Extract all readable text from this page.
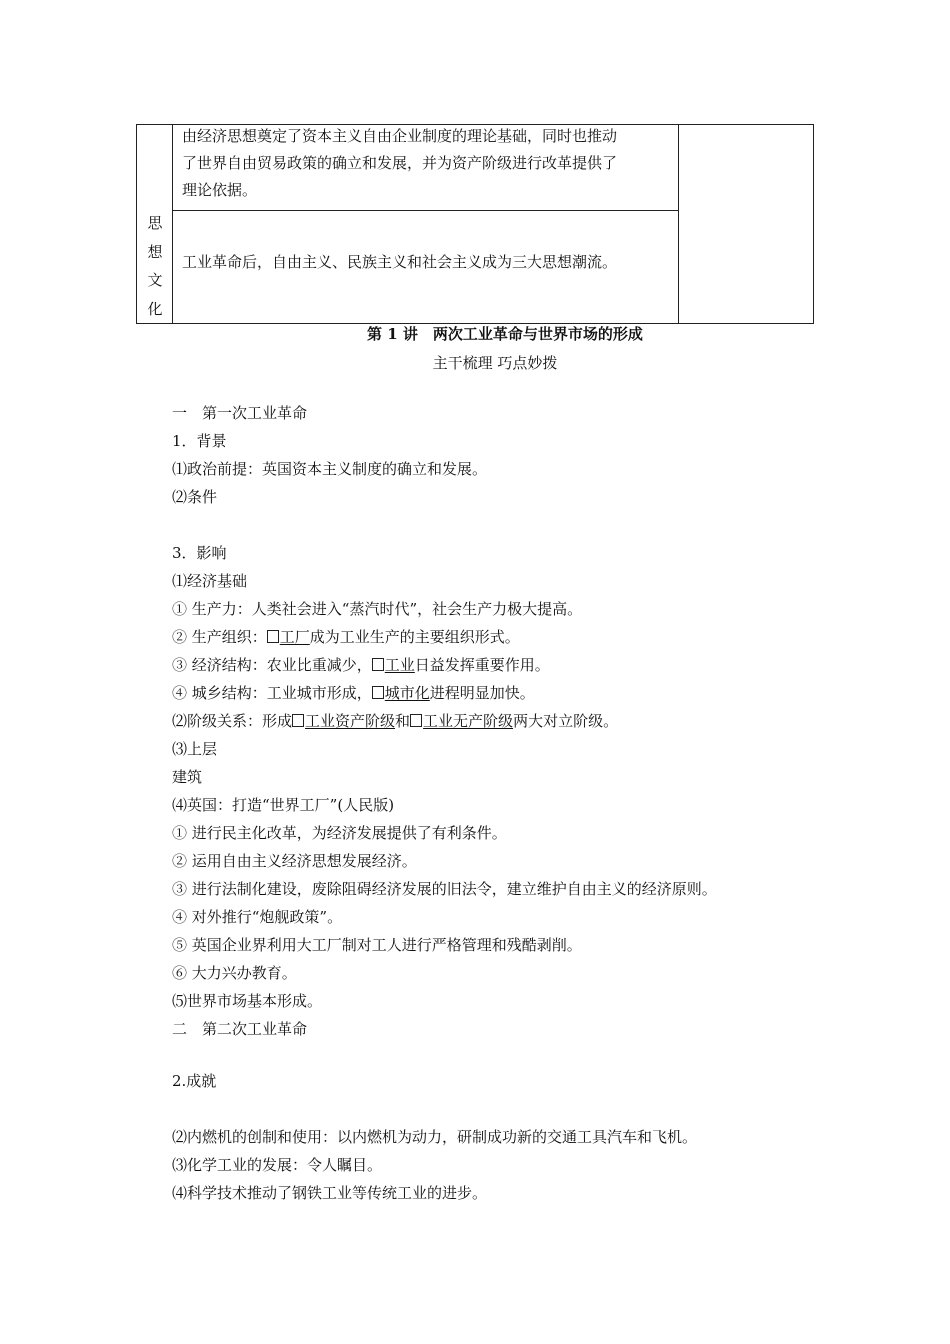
由经济思想奠定了资本主义自由企业制度的理论基础，同时也推动
了世界自由贸易政策的确立和发展，并为资产阶级进行改革提供了
理论依据。
思
想
文
化
工业革命后，自由主义、民族主义和社会主义成为三大思想潮流。
第 1 讲　两次工业革命与世界市场的形成
主干梳理 巧点妙拨
一　第一次工业革命
1．背景
⑴政治前提：英国资本主义制度的确立和发展。
⑵条件
3．影响
⑴经济基础
① 生产力：人类社会进入“蒸汽时代”，社会生产力极大提高。
② 生产组织： 工厂成为工业生产的主要组织形式。
③ 经济结构：农业比重减少， 工业日益发挥重要作用。
④ 城乡结构：工业城市形成， 城市化进程明显加快。
⑵阶级关系：形成 工业资产阶级和 工业无产阶级两大对立阶级。
⑶上层
建筑
⑷英国：打造“世界工厂”(人民版)
① 进行民主化改革，为经济发展提供了有利条件。
② 运用自由主义经济思想发展经济。
③ 进行法制化建设，废除阻碍经济发展的旧法令，建立维护自由主义的经济原则。
④ 对外推行“炮舰政策”。
⑤ 英国企业界利用大工厂制对工人进行严格管理和残酷剥削。
⑥ 大力兴办教育。
⑸世界市场基本形成。
二　第二次工业革命
2.成就
⑵内燃机的创制和使用：以内燃机为动力，研制成功新的交通工具汽车和飞机。
⑶化学工业的发展：令人瞩目。
⑷科学技术推动了钢铁工业等传统工业的进步。
